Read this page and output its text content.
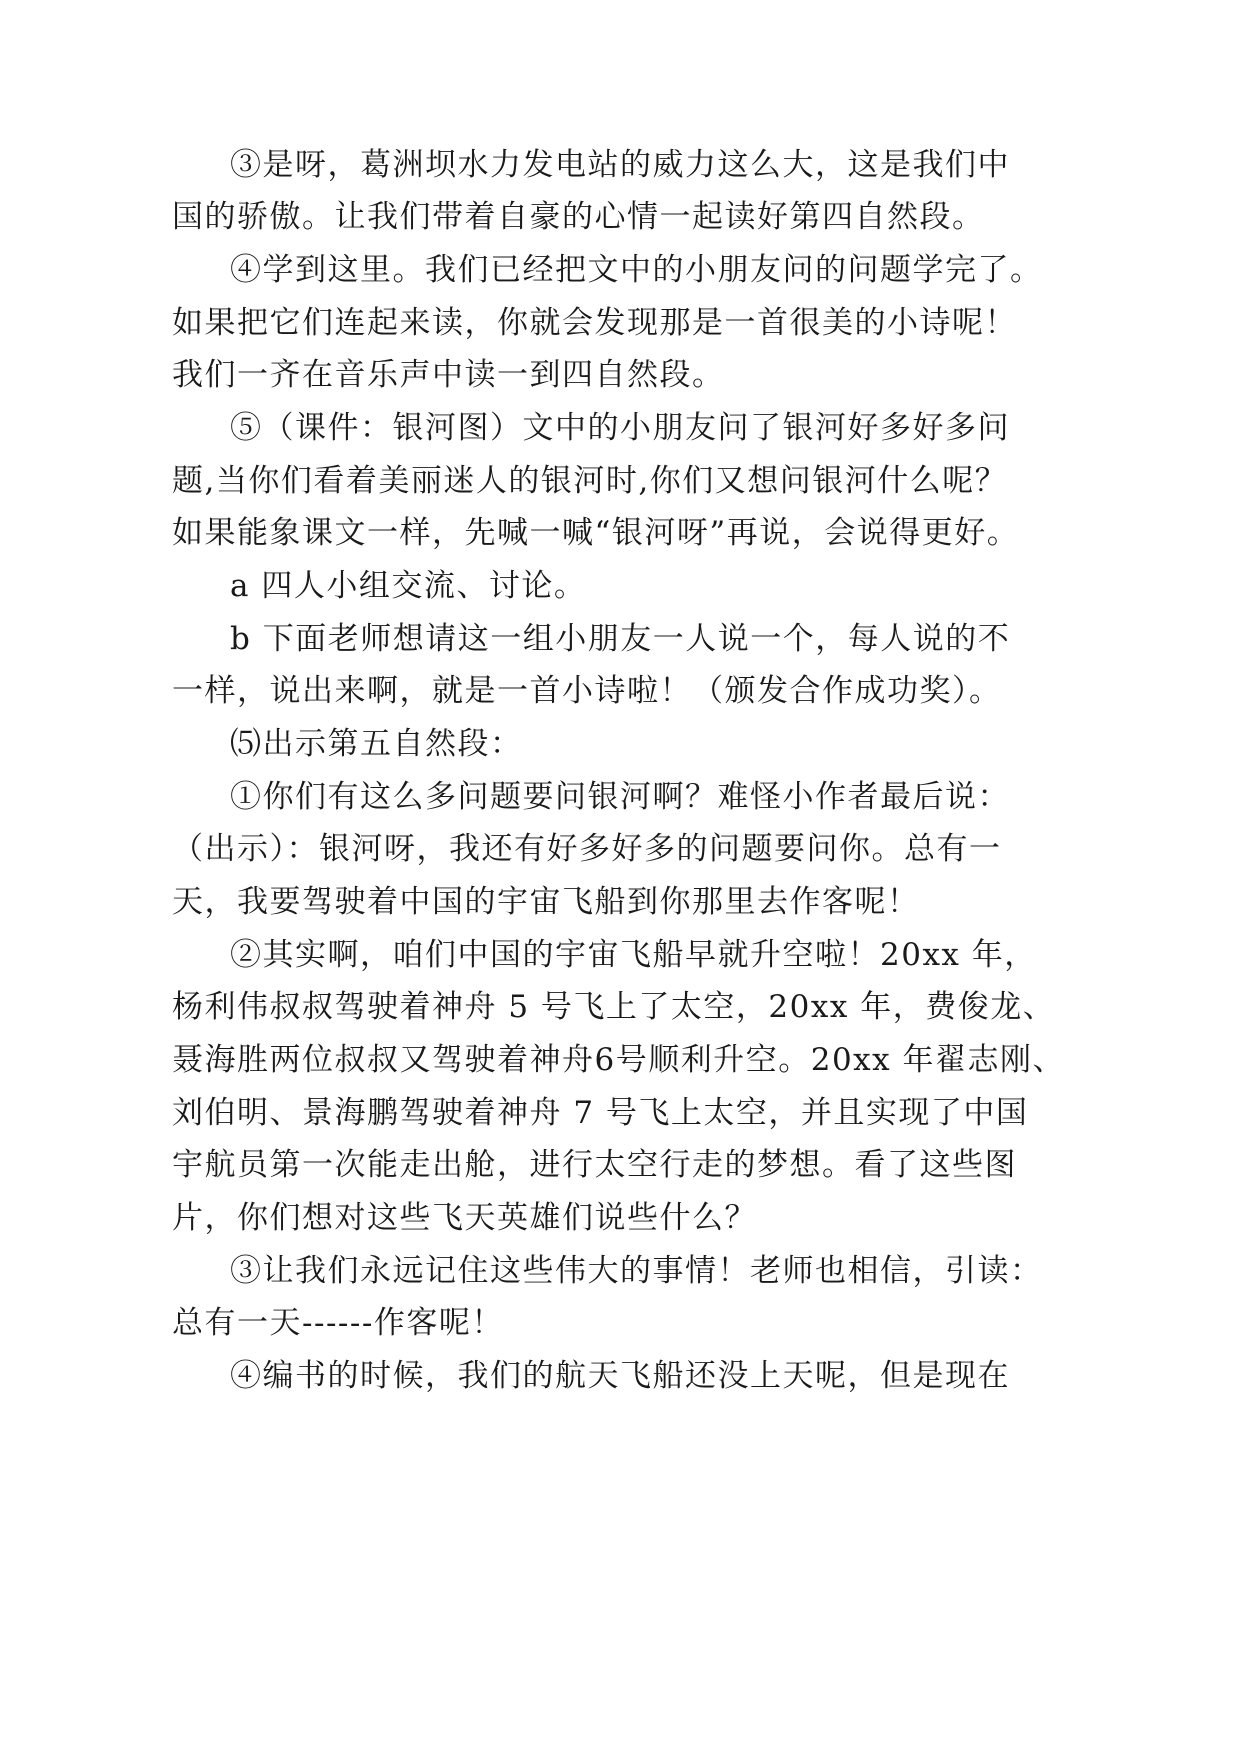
③是呀，葛洲坝水力发电站的威力这么大，这是我们中
国的骄傲。让我们带着自豪的心情一起读好第四自然段。
④学到这里。我们已经把文中的小朋友问的问题学完了。
如果把它们连起来读，你就会发现那是一首很美的小诗呢！
我们一齐在音乐声中读一到四自然段。
⑤（课件：银河图）文中的小朋友问了银河好多好多问
题,当你们看着美丽迷人的银河时,你们又想问银河什么呢？
如果能象课文一样，先喊一喊“银河呀”再说，会说得更好。
a 四人小组交流、讨论。
b 下面老师想请这一组小朋友一人说一个，每人说的不
一样，说出来啊，就是一首小诗啦！（颁发合作成功奖）。
⑸出示第五自然段：
①你们有这么多问题要问银河啊？难怪小作者最后说：
（出示）：银河呀，我还有好多好多的问题要问你。总有一
天，我要驾驶着中国的宇宙飞船到你那里去作客呢！
②其实啊，咱们中国的宇宙飞船早就升空啦！20xx 年，
杨利伟叔叔驾驶着神舟 5 号飞上了太空，20xx 年，费俊龙、
聂海胜两位叔叔又驾驶着神舟6号顺利升空。20xx 年翟志刚、
刘伯明、景海鹏驾驶着神舟 7 号飞上太空，并且实现了中国
宇航员第一次能走出舱，进行太空行走的梦想。看了这些图
片，你们想对这些飞天英雄们说些什么？
③让我们永远记住这些伟大的事情！老师也相信，引读：
总有一天------作客呢！
④编书的时候，我们的航天飞船还没上天呢，但是现在
